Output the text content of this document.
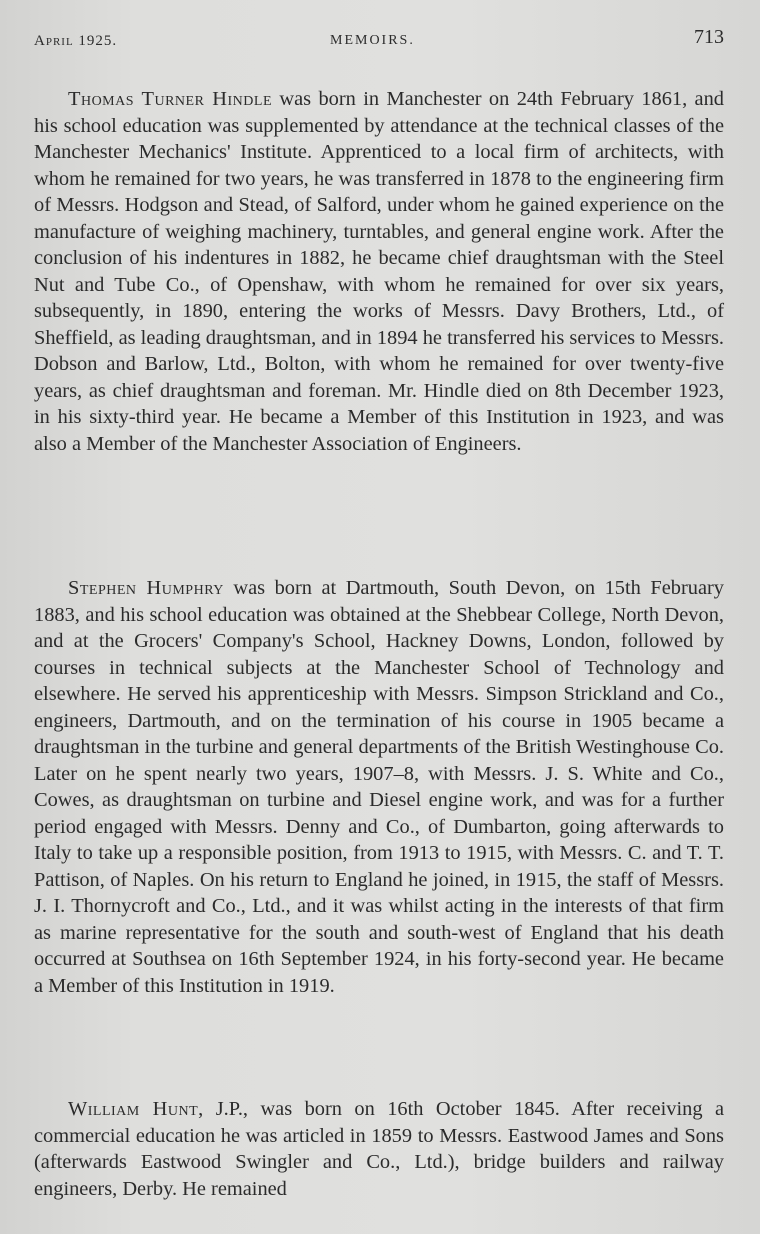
April 1925.	MEMOIRS.	713

Thomas Turner Hindle was born in Manchester on 24th February 1861, and his school education was supplemented by attendance at the technical classes of the Manchester Mechanics' Institute. Apprenticed to a local firm of architects, with whom he remained for two years, he was transferred in 1878 to the engineering firm of Messrs. Hodgson and Stead, of Salford, under whom he gained experience on the manufacture of weighing machinery, turntables, and general engine work. After the conclusion of his indentures in 1882, he became chief draughtsman with the Steel Nut and Tube Co., of Openshaw, with whom he remained for over six years, subsequently, in 1890, entering the works of Messrs. Davy Brothers, Ltd., of Sheffield, as leading draughtsman, and in 1894 he transferred his services to Messrs. Dobson and Barlow, Ltd., Bolton, with whom he remained for over twenty-five years, as chief draughtsman and foreman. Mr. Hindle died on 8th December 1923, in his sixty-third year. He became a Member of this Institution in 1923, and was also a Member of the Manchester Association of Engineers.

Stephen Humphry was born at Dartmouth, South Devon, on 15th February 1883, and his school education was obtained at the Shebbear College, North Devon, and at the Grocers' Company's School, Hackney Downs, London, followed by courses in technical subjects at the Manchester School of Technology and elsewhere. He served his apprenticeship with Messrs. Simpson Strickland and Co., engineers, Dartmouth, and on the termination of his course in 1905 became a draughtsman in the turbine and general departments of the British Westinghouse Co. Later on he spent nearly two years, 1907–8, with Messrs. J. S. White and Co., Cowes, as draughtsman on turbine and Diesel engine work, and was for a further period engaged with Messrs. Denny and Co., of Dumbarton, going afterwards to Italy to take up a responsible position, from 1913 to 1915, with Messrs. C. and T. T. Pattison, of Naples. On his return to England he joined, in 1915, the staff of Messrs. J. I. Thornycroft and Co., Ltd., and it was whilst acting in the interests of that firm as marine representative for the south and south-west of England that his death occurred at Southsea on 16th September 1924, in his forty-second year. He became a Member of this Institution in 1919.

William Hunt, J.P., was born on 16th October 1845. After receiving a commercial education he was articled in 1859 to Messrs. Eastwood James and Sons (afterwards Eastwood Swingler and Co., Ltd.), bridge builders and railway engineers, Derby. He remained
